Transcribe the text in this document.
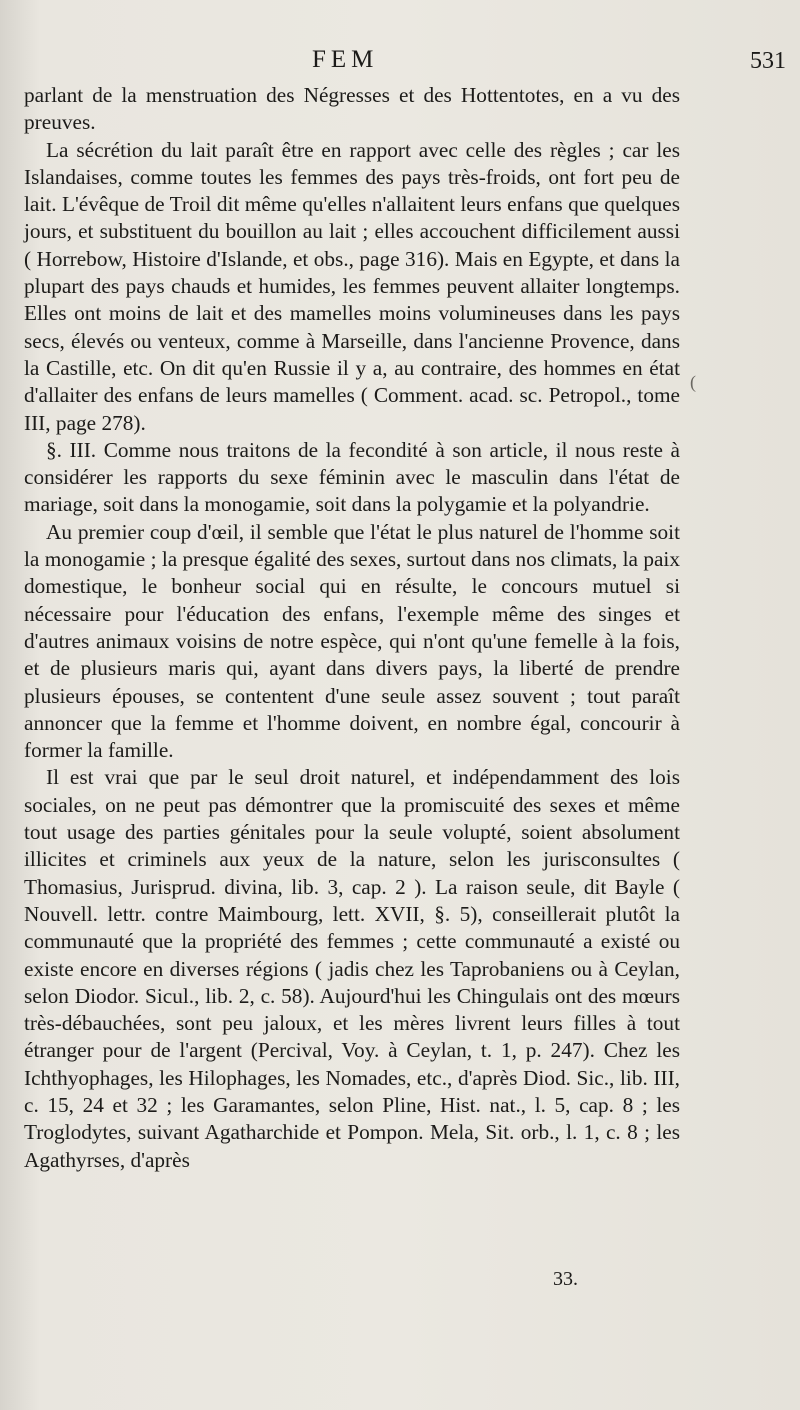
FEM	531

parlant de la menstruation des Négresses et des Hottentotes, en a vu des preuves.

La sécrétion du lait paraît être en rapport avec celle des règles ; car les Islandaises, comme toutes les femmes des pays très-froids, ont fort peu de lait. L'évêque de Troil dit même qu'elles n'allaitent leurs enfans que quelques jours, et substituent du bouillon au lait ; elles accouchent difficilement aussi ( Horrebow, Histoire d'Islande, et obs., page 316). Mais en Egypte, et dans la plupart des pays chauds et humides, les femmes peuvent allaiter longtemps. Elles ont moins de lait et des mamelles moins volumineuses dans les pays secs, élevés ou venteux, comme à Marseille, dans l'ancienne Provence, dans la Castille, etc. On dit qu'en Russie il y a, au contraire, des hommes en état d'allaiter des enfans de leurs mamelles ( Comment. acad. sc. Petropol., tome III, page 278).

§. III. Comme nous traitons de la fecondité à son article, il nous reste à considérer les rapports du sexe féminin avec le masculin dans l'état de mariage, soit dans la monogamie, soit dans la polygamie et la polyandrie.

Au premier coup d'œil, il semble que l'état le plus naturel de l'homme soit la monogamie ; la presque égalité des sexes, surtout dans nos climats, la paix domestique, le bonheur social qui en résulte, le concours mutuel si nécessaire pour l'éducation des enfans, l'exemple même des singes et d'autres animaux voisins de notre espèce, qui n'ont qu'une femelle à la fois, et de plusieurs maris qui, ayant dans divers pays, la liberté de prendre plusieurs épouses, se contentent d'une seule assez souvent ; tout paraît annoncer que la femme et l'homme doivent, en nombre égal, concourir à former la famille.

Il est vrai que par le seul droit naturel, et indépendamment des lois sociales, on ne peut pas démontrer que la promiscuité des sexes et même tout usage des parties génitales pour la seule volupté, soient absolument illicites et criminels aux yeux de la nature, selon les jurisconsultes ( Thomasius, Jurisprud. divina, lib. 3, cap. 2 ). La raison seule, dit Bayle ( Nouvell. lettr. contre Maimbourg, lett. XVII, §. 5), conseillerait plutôt la communauté que la propriété des femmes ; cette communauté a existé ou existe encore en diverses régions ( jadis chez les Taprobaniens ou à Ceylan, selon Diodor. Sicul., lib. 2, c. 58). Aujourd'hui les Chingulais ont des mœurs très-débauchées, sont peu jaloux, et les mères livrent leurs filles à tout étranger pour de l'argent (Percival, Voy. à Ceylan, t. 1, p. 247). Chez les Ichthyophages, les Hilophages, les Nomades, etc., d'après Diod. Sic., lib. III, c. 15, 24 et 32 ; les Garamantes, selon Pline, Hist. nat., l. 5, cap. 8 ; les Troglodytes, suivant Agatharchide et Pompon. Mela, Sit. orb., l. 1, c. 8 ; les Agathyrses, d'après

(
33.
